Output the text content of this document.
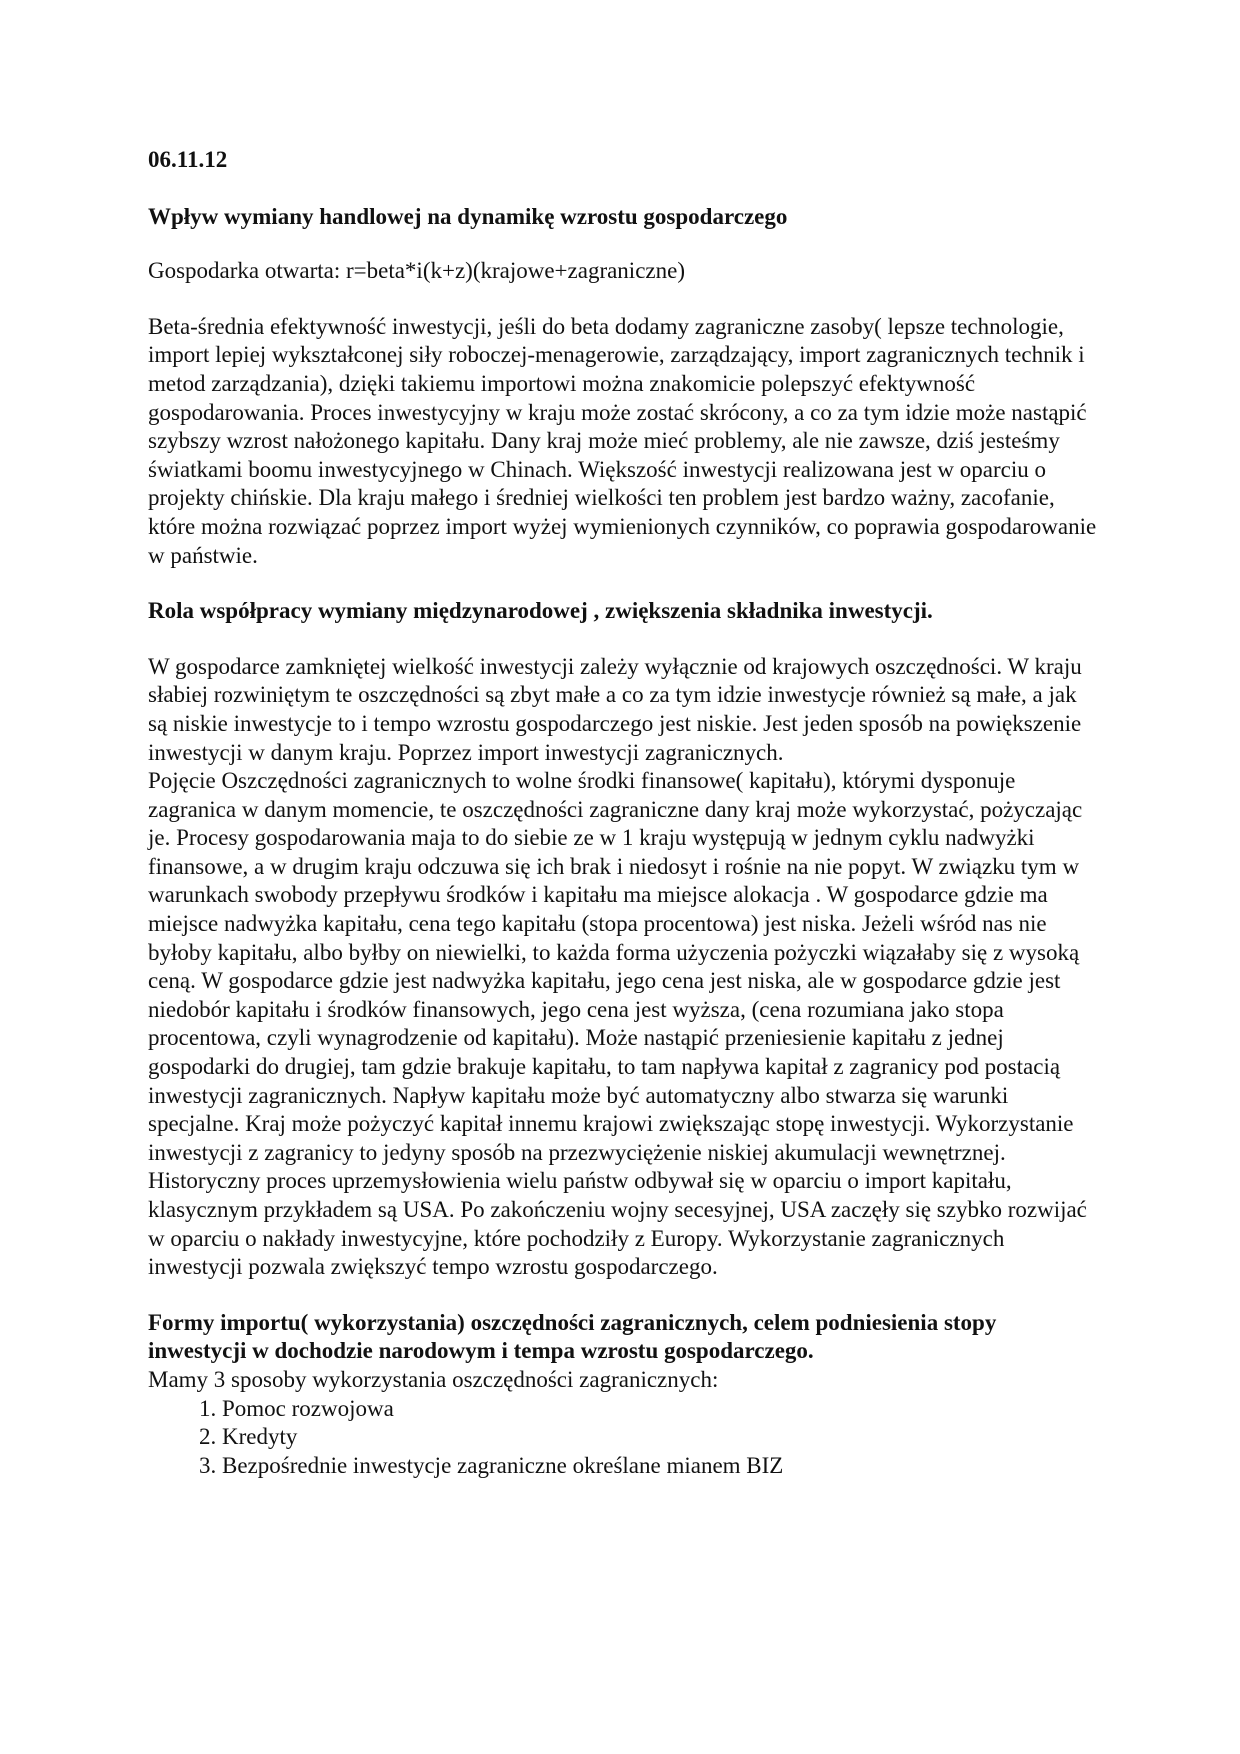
06.11.12

Wpływ wymiany handlowej na dynamikę wzrostu gospodarczego

Gospodarka otwarta: r=beta*i(k+z)(krajowe+zagraniczne)

Beta-średnia efektywność inwestycji, jeśli do beta dodamy zagraniczne zasoby( lepsze technologie, import lepiej wykształconej siły roboczej-menagerowie, zarządzający, import zagranicznych technik i metod zarządzania), dzięki takiemu importowi można znakomicie polepszyć efektywność gospodarowania. Proces inwestycyjny w kraju może zostać skrócony, a co za tym idzie może nastąpić szybszy wzrost nałożonego kapitału. Dany kraj może mieć problemy, ale nie zawsze, dziś jesteśmy światkami boomu inwestycyjnego w Chinach. Większość inwestycji realizowana jest w oparciu o projekty chińskie. Dla kraju małego i średniej wielkości ten problem jest bardzo ważny, zacofanie, które można rozwiązać poprzez import wyżej wymienionych czynników, co poprawia gospodarowanie w państwie.

Rola współpracy wymiany międzynarodowej , zwiększenia składnika inwestycji.

W gospodarce zamkniętej wielkość inwestycji zależy wyłącznie od krajowych oszczędności. W kraju słabiej rozwiniętym te oszczędności są zbyt małe a co za tym idzie inwestycje również są małe, a jak są niskie inwestycje to i tempo wzrostu gospodarczego jest niskie. Jest jeden sposób na powiększenie inwestycji w danym kraju. Poprzez import inwestycji zagranicznych.

Pojęcie Oszczędności zagranicznych to wolne środki finansowe( kapitału), którymi dysponuje zagranica w danym momencie, te oszczędności zagraniczne dany kraj może wykorzystać, pożyczając je. Procesy gospodarowania maja to do siebie ze w 1 kraju występują w jednym cyklu nadwyżki finansowe, a w drugim kraju odczuwa się ich brak i niedosyt i rośnie na nie popyt. W związku tym w warunkach swobody przepływu środków i kapitału ma miejsce alokacja . W gospodarce gdzie ma miejsce nadwyżka kapitału, cena tego kapitału (stopa procentowa) jest niska. Jeżeli wśród nas nie byłoby kapitału, albo byłby on niewielki, to każda forma użyczenia pożyczki wiązałaby się z wysoką ceną. W gospodarce gdzie jest nadwyżka kapitału, jego cena jest niska, ale w gospodarce gdzie jest niedobór kapitału i środków finansowych, jego cena jest wyższa, (cena rozumiana jako stopa procentowa, czyli wynagrodzenie od kapitału). Może nastąpić przeniesienie kapitału z jednej gospodarki do drugiej, tam gdzie brakuje kapitału, to tam napływa kapitał z zagranicy pod postacią inwestycji zagranicznych. Napływ kapitału może być automatyczny albo stwarza się warunki specjalne. Kraj może pożyczyć kapitał innemu krajowi zwiększając stopę inwestycji. Wykorzystanie inwestycji z zagranicy to jedyny sposób na przezwyciężenie niskiej akumulacji wewnętrznej. Historyczny proces uprzemysłowienia wielu państw odbywał się w oparciu o import kapitału, klasycznym przykładem są USA. Po zakończeniu wojny secesyjnej, USA zaczęły się szybko rozwijać w oparciu o nakłady inwestycyjne, które pochodziły z Europy. Wykorzystanie zagranicznych inwestycji pozwala zwiększyć tempo wzrostu gospodarczego.

Formy importu( wykorzystania) oszczędności zagranicznych, celem podniesienia stopy inwestycji w dochodzie narodowym i tempa wzrostu gospodarczego.

Mamy 3 sposoby wykorzystania oszczędności zagranicznych:

1. Pomoc rozwojowa
2. Kredyty
3. Bezpośrednie inwestycje zagraniczne określane mianem BIZ
